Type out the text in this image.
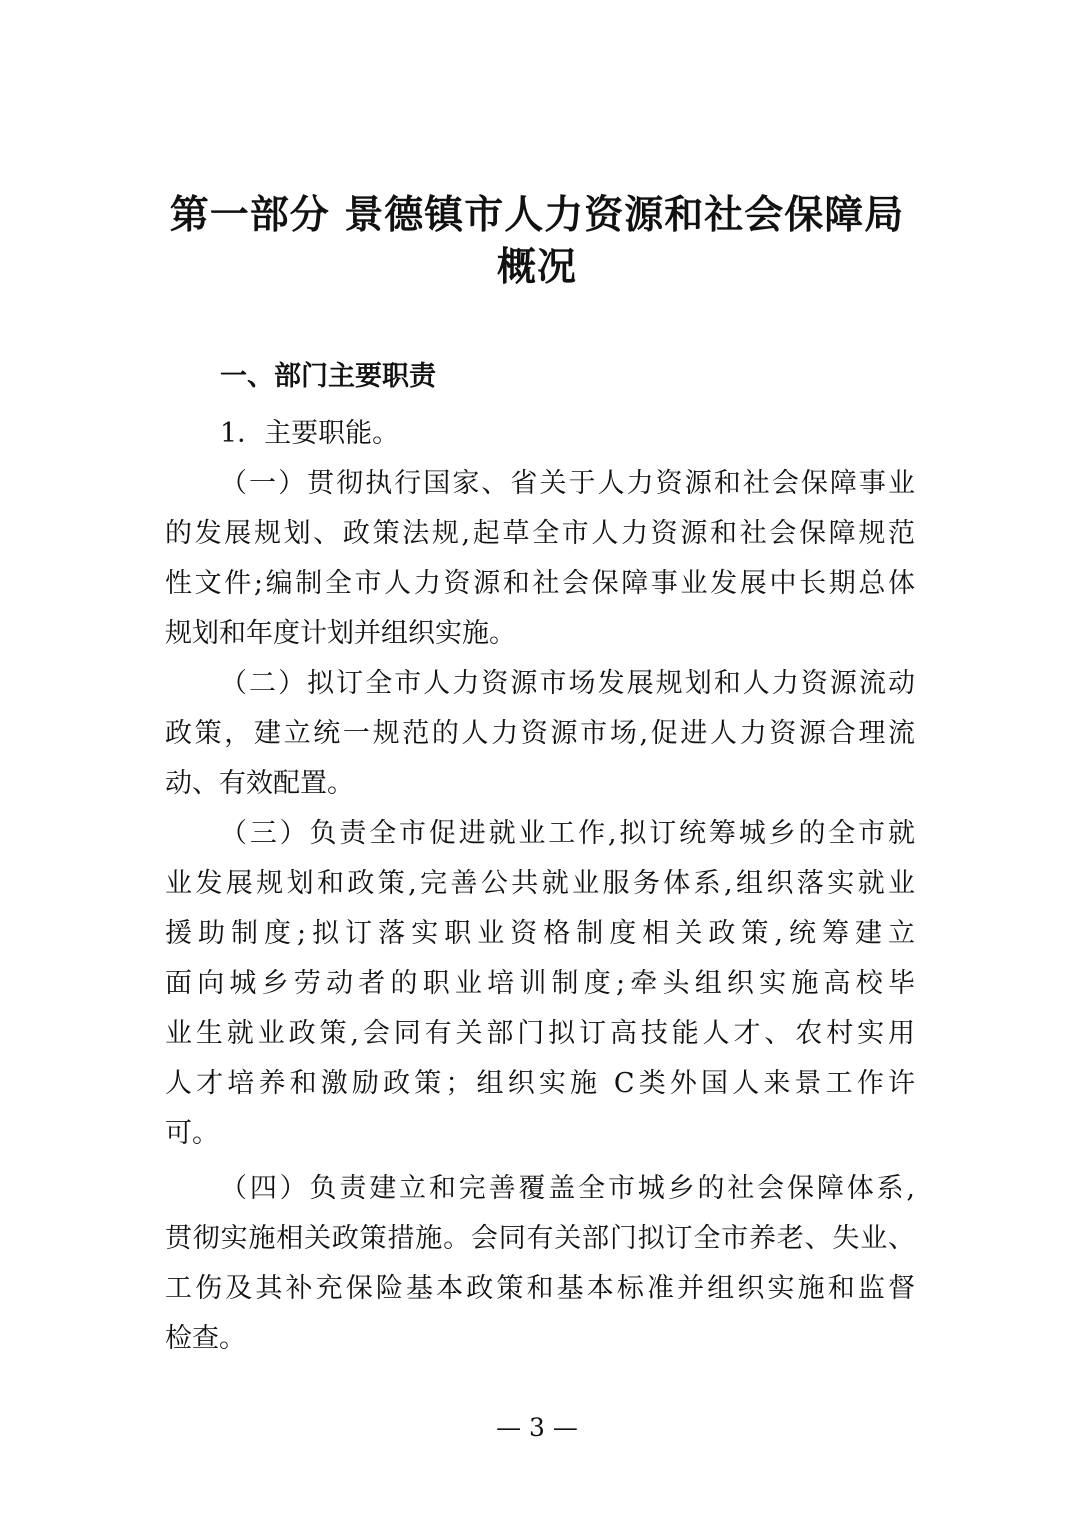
第一部分 景德镇市人力资源和社会保障局
概况
一、部门主要职责

1．主要职能。

（一）贯彻执行国家、省关于人力资源和社会保障事业

的发展规划、政策法规,起草全市人力资源和社会保障规范

性文件;编制全市人力资源和社会保障事业发展中长期总体

规划和年度计划并组织实施。

（二）拟订全市人力资源市场发展规划和人力资源流动

政策，建立统一规范的人力资源市场,促进人力资源合理流

动、有效配置。

（三）负责全市促进就业工作,拟订统筹城乡的全市就

业发展规划和政策,完善公共就业服务体系,组织落实就业

援助制度;拟订落实职业资格制度相关政策,统筹建立

面向城乡劳动者的职业培训制度;牵头组织实施高校毕

业生就业政策,会同有关部门拟订高技能人才、农村实用

人才培养和激励政策；组织实施 C类外国人来景工作许

可。

（四）负责建立和完善覆盖全市城乡的社会保障体系,

贯彻实施相关政策措施。会同有关部门拟订全市养老、失业、

工伤及其补充保险基本政策和基本标准并组织实施和监督

检查。

— 3 —
